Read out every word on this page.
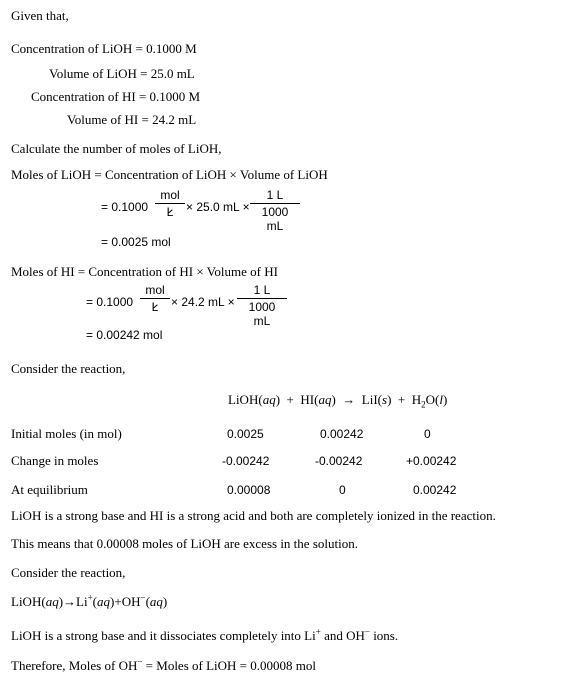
Given that,
Concentration of LiOH = 0.1000 M
Volume of LiOH = 25.0 mL
Concentration of HI = 0.1000 M
Volume of HI = 24.2 mL
Calculate the number of moles of LiOH,
Moles of LiOH = Concentration of LiOH × Volume of LiOH
= 0.1000
mol
L	× 25.0 mL ×
1 L
1000 mL
= 0.0025 mol
Moles of HI = Concentration of HI × Volume of HI
= 0.1000
mol
L	× 24.2 mL ×
1 L
1000 mL
= 0.00242 mol
Consider the reaction,
LiOH(aq)  + $HI(aq) \to LiI(s) + H_2O(l)$
Initial moles (in mol)	0.0025	0.00242	0
Change in moles	-0.00242	-0.00242	+0.00242
At equilibrium	0.00008	0	0.00242
LiOH is a strong base and HI is a strong acid and both are completely ionized in the reaction.
This means that 0.00008 moles of LiOH are excess in the solution.
Consider the reaction,
LiOH(aq)→Li+(aq)+OH−(aq)
LiOH is a strong base and it dissociates completely into Li+ and OH− ions.
Therefore, Moles of OH− = Moles of LiOH = 0.00008 mol
